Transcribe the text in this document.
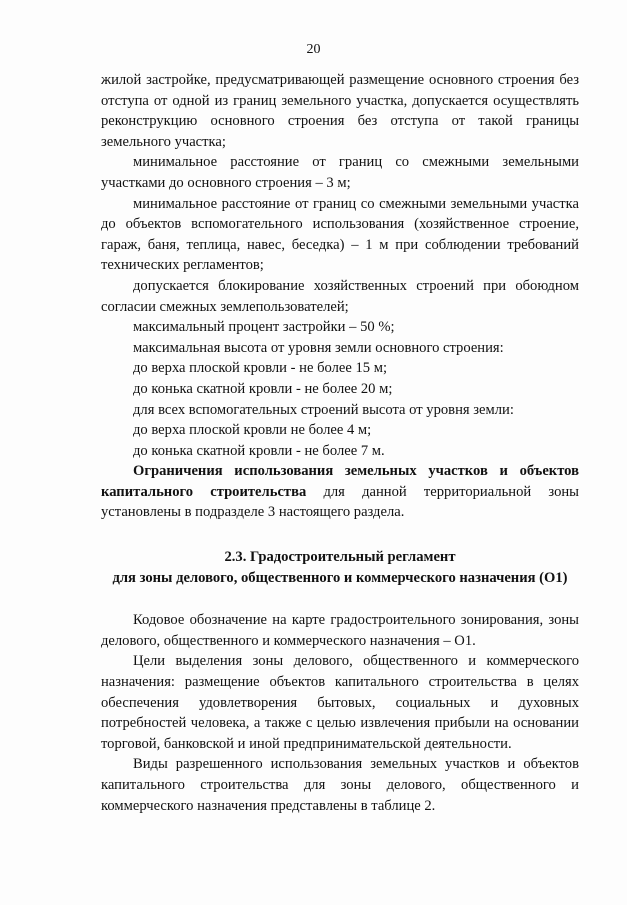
20

жилой застройке, предусматривающей размещение основного строения без отступа от одной из границ земельного участка, допускается осуществлять реконструкцию основного строения без отступа от такой границы земельного участка;

минимальное расстояние от границ со смежными земельными участками до основного строения – 3 м;

минимальное расстояние от границ со смежными земельными участка до объектов вспомогательного использования (хозяйственное строение, гараж, баня, теплица, навес, беседка) – 1 м при соблюдении требований технических регламентов;

допускается блокирование хозяйственных строений при обоюдном согласии смежных землепользователей;

максимальный процент застройки – 50 %;

максимальная высота от уровня земли основного строения:

до верха плоской кровли - не более 15 м;

до конька скатной кровли - не более 20 м;

для всех вспомогательных строений высота от уровня земли:

до верха плоской кровли не более 4 м;

до конька скатной кровли - не более 7 м.

Ограничения использования земельных участков и объектов капитального строительства для данной территориальной зоны установлены в подразделе 3 настоящего раздела.

2.3. Градостроительный регламент

для зоны делового, общественного и коммерческого назначения (О1)

Кодовое обозначение на карте градостроительного зонирования, зоны делового, общественного и коммерческого назначения – О1.

Цели выделения зоны делового, общественного и коммерческого назначения: размещение объектов капитального строительства в целях обеспечения удовлетворения бытовых, социальных и духовных потребностей человека, а также с целью извлечения прибыли на основании торговой, банковской и иной предпринимательской деятельности.

Виды разрешенного использования земельных участков и объектов капитального строительства для зоны делового, общественного и коммерческого назначения представлены в таблице 2.
